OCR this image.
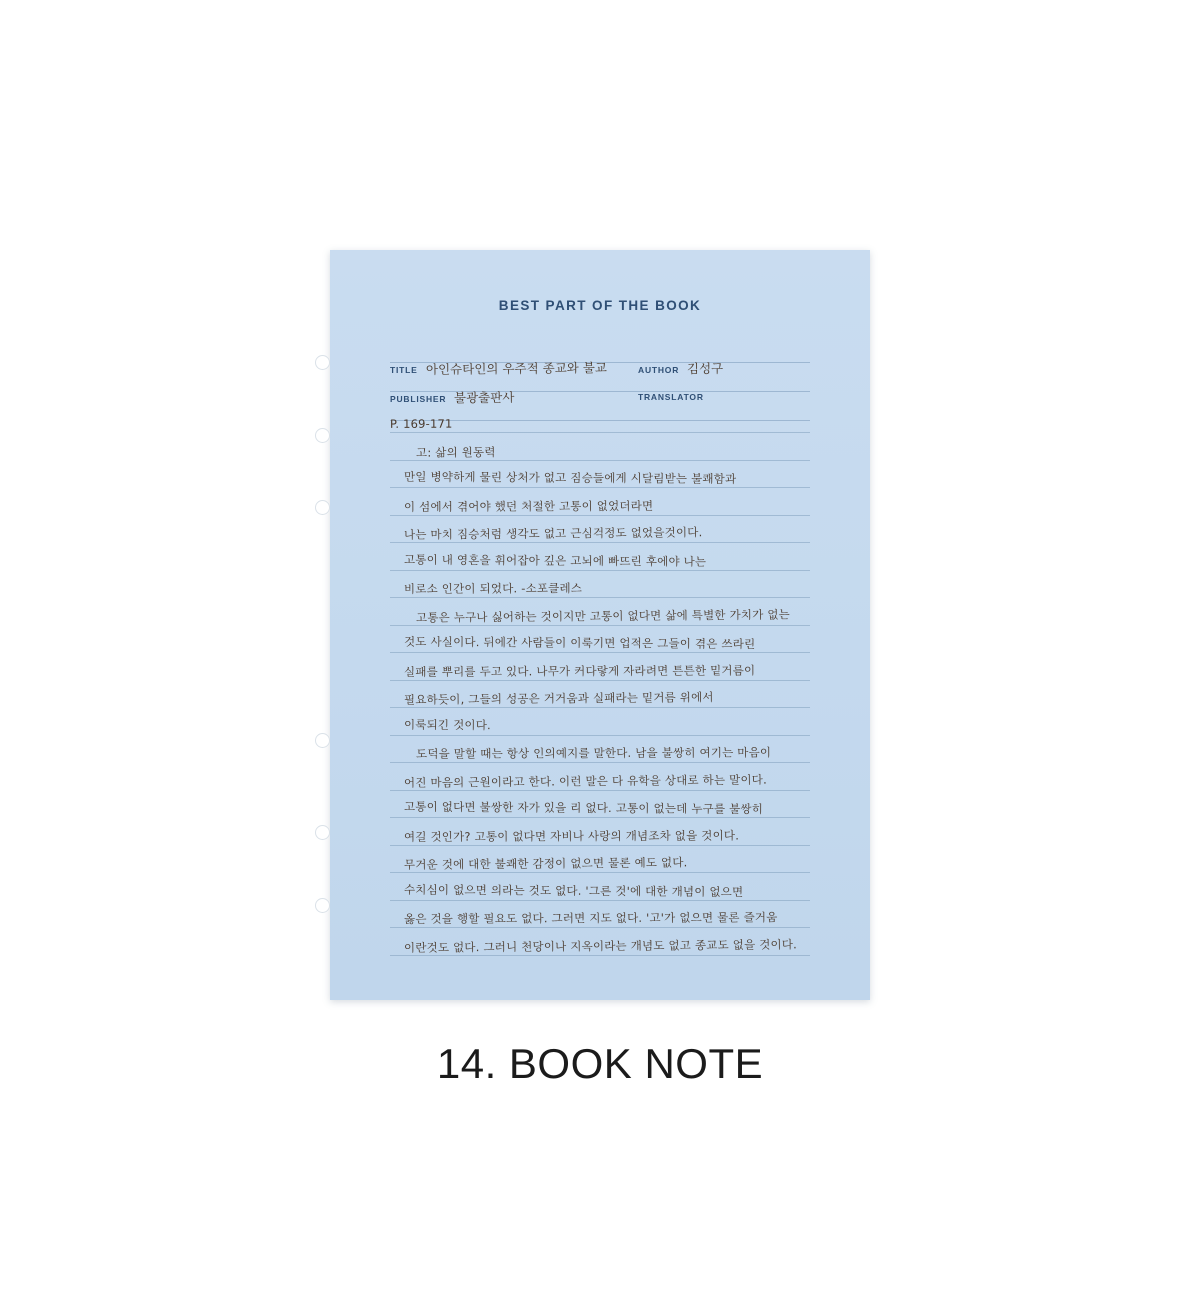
BEST PART OF THE BOOK
TITLE 아인슈타인의 우주적 종교와 불교	AUTHOR 김성구
PUBLISHER 불광출판사	TRANSLATOR
P. 169-171
고: 삶의 원동력
만일 병약하게 물린 상처가 없고 짐승들에게 시달림받는 불쾌함과
이 섬에서 겪어야 했던 처절한 고통이 없었더라면
나는 마치 짐승처럼 생각도 없고 근심걱정도 없었을것이다.
고통이 내 영혼을 휘어잡아 깊은 고뇌에 빠뜨린 후에야 나는
비로소 인간이 되었다. -소포클레스
고통은 누구나 싫어하는 것이지만 고통이 없다면 삶에 특별한 가치가 없는
것도 사실이다. 뒤에간 사람들이 이룩기면 업적은 그들이 겪은 쓰라린
실패를 뿌리를 두고 있다. 나무가 커다랗게 자라려면 튼튼한 밑거름이
필요하듯이, 그들의 성공은 거거움과 실패라는 밑거름 위에서
이룩되긴 것이다.
도덕을 말할 때는 항상 인의예지를 말한다. 남을 불쌍히 여기는 마음이
어진 마음의 근원이라고 한다. 이런 말은 다 유학을 상대로 하는 말이다.
고통이 없다면 불쌍한 자가 있을 리 없다. 고통이 없는데 누구를 불쌍히
여길 것인가? 고통이 없다면 자비나 사랑의 개념조차 없을 것이다.
무거운 것에 대한 불쾌한 감정이 없으면 물론 예도 없다.
수치심이 없으면 의라는 것도 없다. '그른 것'에 대한 개념이 없으면
옳은 것을 행할 필요도 없다. 그러면 지도 없다. '고'가 없으면 물론 즐거움
이란것도 없다. 그러니 천당이나 지옥이라는 개념도 없고 종교도 없을 것이다.
14. BOOK NOTE
